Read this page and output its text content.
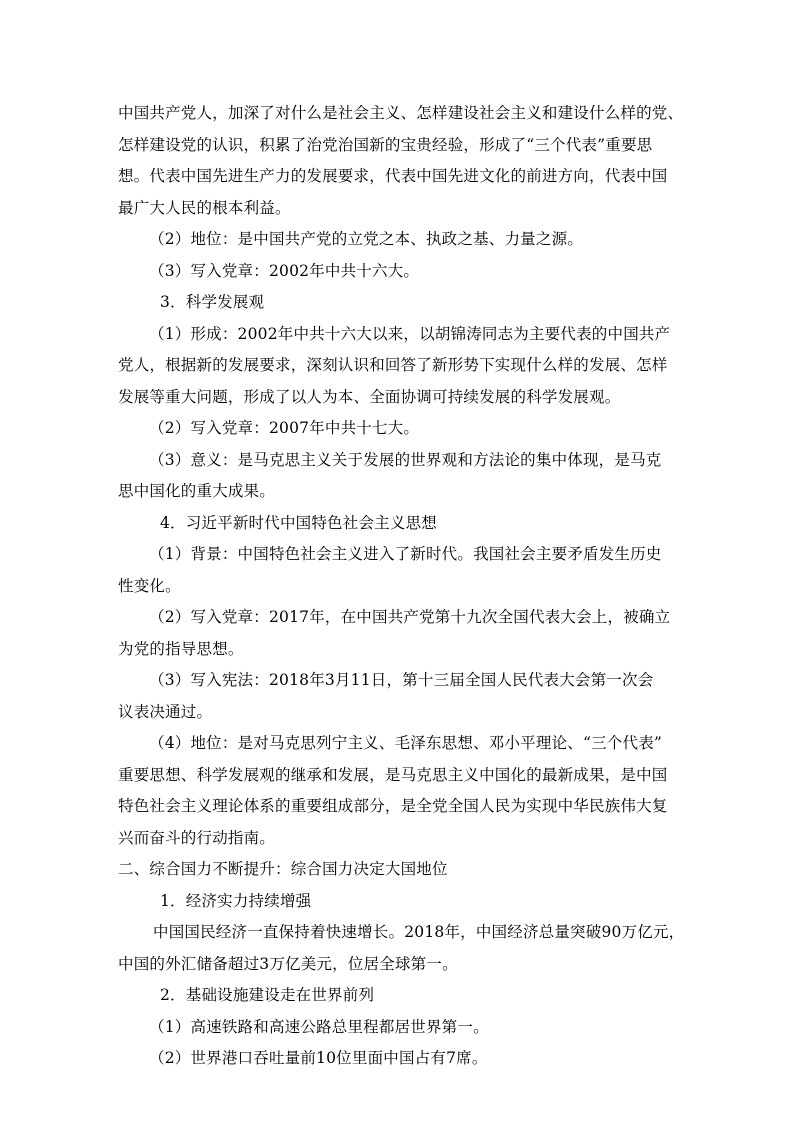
中国共产党人，加深了对什么是社会主义、怎样建设社会主义和建设什么样的党、
怎样建设党的认识，积累了治党治国新的宝贵经验，形成了“三个代表”重要思
想。代表中国先进生产力的发展要求，代表中国先进文化的前进方向，代表中国
最广大人民的根本利益。
（2）地位：是中国共产党的立党之本、执政之基、力量之源。
（3）写入党章：2002年中共十六大。
3．科学发展观
（1）形成：2002年中共十六大以来，以胡锦涛同志为主要代表的中国共产
党人，根据新的发展要求，深刻认识和回答了新形势下实现什么样的发展、怎样
发展等重大问题，形成了以人为本、全面协调可持续发展的科学发展观。
（2）写入党章：2007年中共十七大。
（3）意义：是马克思主义关于发展的世界观和方法论的集中体现，是马克
思中国化的重大成果。
4．习近平新时代中国特色社会主义思想
（1）背景：中国特色社会主义进入了新时代。我国社会主要矛盾发生历史
性变化。
（2）写入党章：2017年，在中国共产党第十九次全国代表大会上，被确立
为党的指导思想。
（3）写入宪法：2018年3月11日，第十三届全国人民代表大会第一次会
议表决通过。
（4）地位：是对马克思列宁主义、毛泽东思想、邓小平理论、“三个代表”
重要思想、科学发展观的继承和发展，是马克思主义中国化的最新成果，是中国
特色社会主义理论体系的重要组成部分，是全党全国人民为实现中华民族伟大复
兴而奋斗的行动指南。
二、综合国力不断提升：综合国力决定大国地位
1．经济实力持续增强
中国国民经济一直保持着快速增长。2018年，中国经济总量突破90万亿元，
中国的外汇储备超过3万亿美元，位居全球第一。
2．基础设施建设走在世界前列
（1）高速铁路和高速公路总里程都居世界第一。
（2）世界港口吞吐量前10位里面中国占有7席。
